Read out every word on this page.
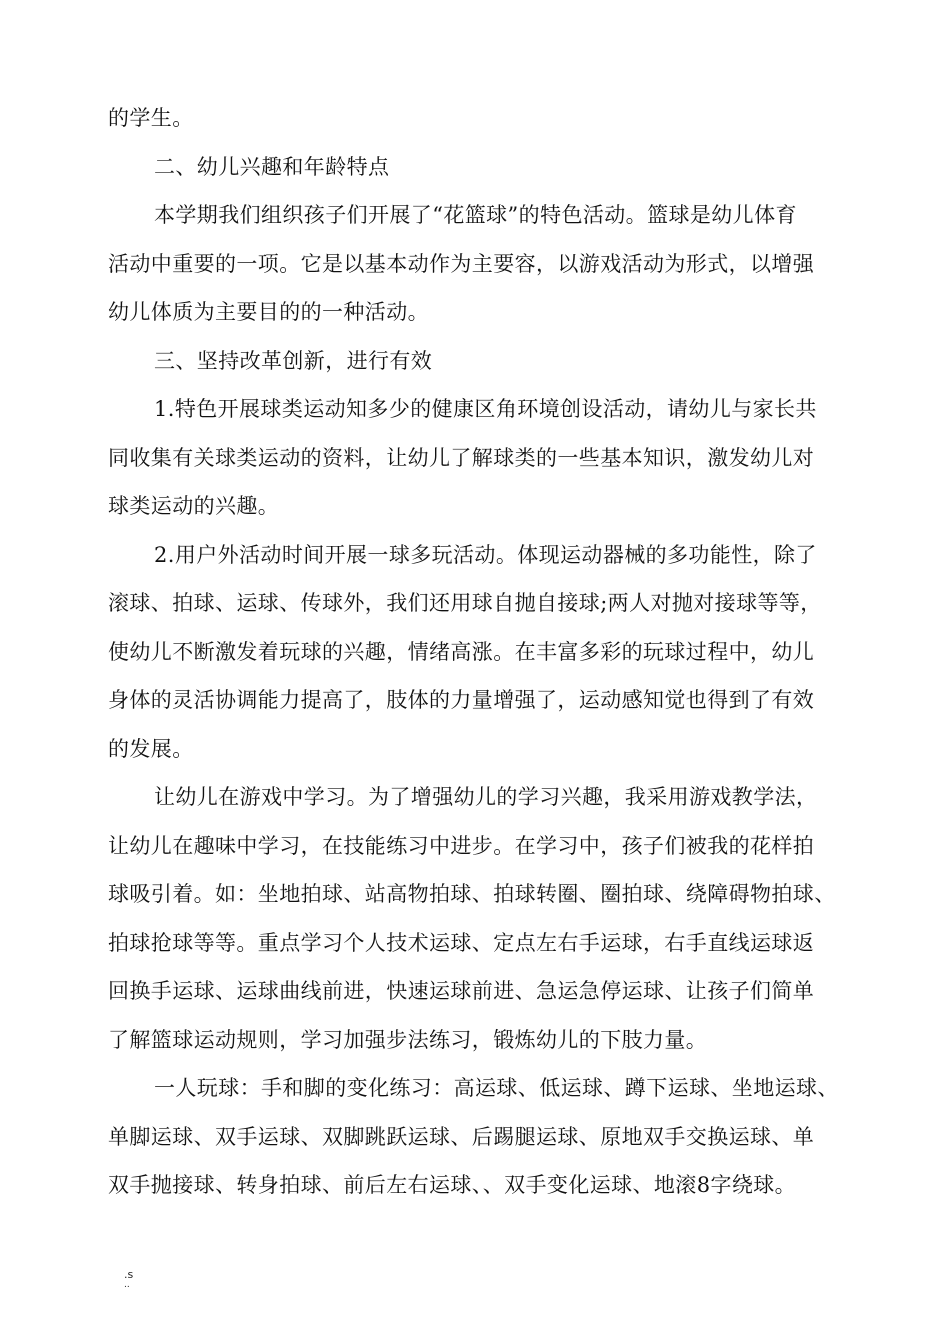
的学生。
二、幼儿兴趣和年龄特点
本学期我们组织孩子们开展了“花篮球”的特色活动。篮球是幼儿体育
活动中重要的一项。它是以基本动作为主要容，以游戏活动为形式，以增强
幼儿体质为主要目的的一种活动。
三、坚持改革创新，进行有效
1.特色开展球类运动知多少的健康区角环境创设活动，请幼儿与家长共
同收集有关球类运动的资料，让幼儿了解球类的一些基本知识，激发幼儿对
球类运动的兴趣。
2.用户外活动时间开展一球多玩活动。体现运动器械的多功能性，除了
滚球、拍球、运球、传球外，我们还用球自抛自接球;两人对抛对接球等等，
使幼儿不断激发着玩球的兴趣，情绪高涨。在丰富多彩的玩球过程中，幼儿
身体的灵活协调能力提高了，肢体的力量增强了，运动感知觉也得到了有效
的发展。
让幼儿在游戏中学习。为了增强幼儿的学习兴趣，我采用游戏教学法，
让幼儿在趣味中学习，在技能练习中进步。在学习中，孩子们被我的花样拍
球吸引着。如：坐地拍球、站高物拍球、拍球转圈、圈拍球、绕障碍物拍球、
拍球抢球等等。重点学习个人技术运球、定点左右手运球，右手直线运球返
回换手运球、运球曲线前进，快速运球前进、急运急停运球、让孩子们简单
了解篮球运动规则，学习加强步法练习，锻炼幼儿的下肢力量。
一人玩球：手和脚的变化练习：高运球、低运球、蹲下运球、坐地运球、
单脚运球、双手运球、双脚跳跃运球、后踢腿运球、原地双手交换运球、单
双手抛接球、转身拍球、前后左右运球、、双手变化运球、地滚8字绕球。
.s
..
